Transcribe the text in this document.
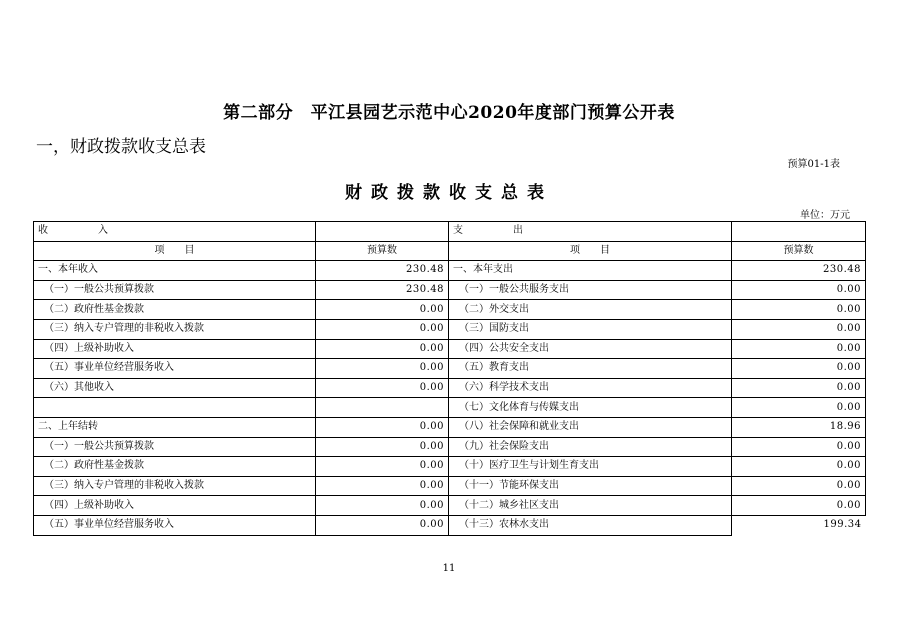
第二部分　平江县园艺示范中心2020年度部门预算公开表
一，财政拨款收支总表
预算01-1表
财政拨款收支总表
单位：万元
收　　　　　入		支　　　　　出	
项　　目	预算数	项　　目	预算数
一、本年收入	230.48	一、本年支出	230.48
（一）一般公共预算拨款	230.48	（一）一般公共服务支出	0.00
（二）政府性基金拨款	0.00	（二）外交支出	0.00
（三）纳入专户管理的非税收入拨款	0.00	（三）国防支出	0.00
（四）上级补助收入	0.00	（四）公共安全支出	0.00
（五）事业单位经营服务收入	0.00	（五）教育支出	0.00
（六）其他收入	0.00	（六）科学技术支出	0.00
		（七）文化体育与传媒支出	0.00
二、上年结转	0.00	（八）社会保障和就业支出	18.96
（一）一般公共预算拨款	0.00	（九）社会保险支出	0.00
（二）政府性基金拨款	0.00	（十）医疗卫生与计划生育支出	0.00
（三）纳入专户管理的非税收入拨款	0.00	（十一）节能环保支出	0.00
（四）上级补助收入	0.00	（十二）城乡社区支出	0.00
（五）事业单位经营服务收入	0.00	（十三）农林水支出	199.34
11
